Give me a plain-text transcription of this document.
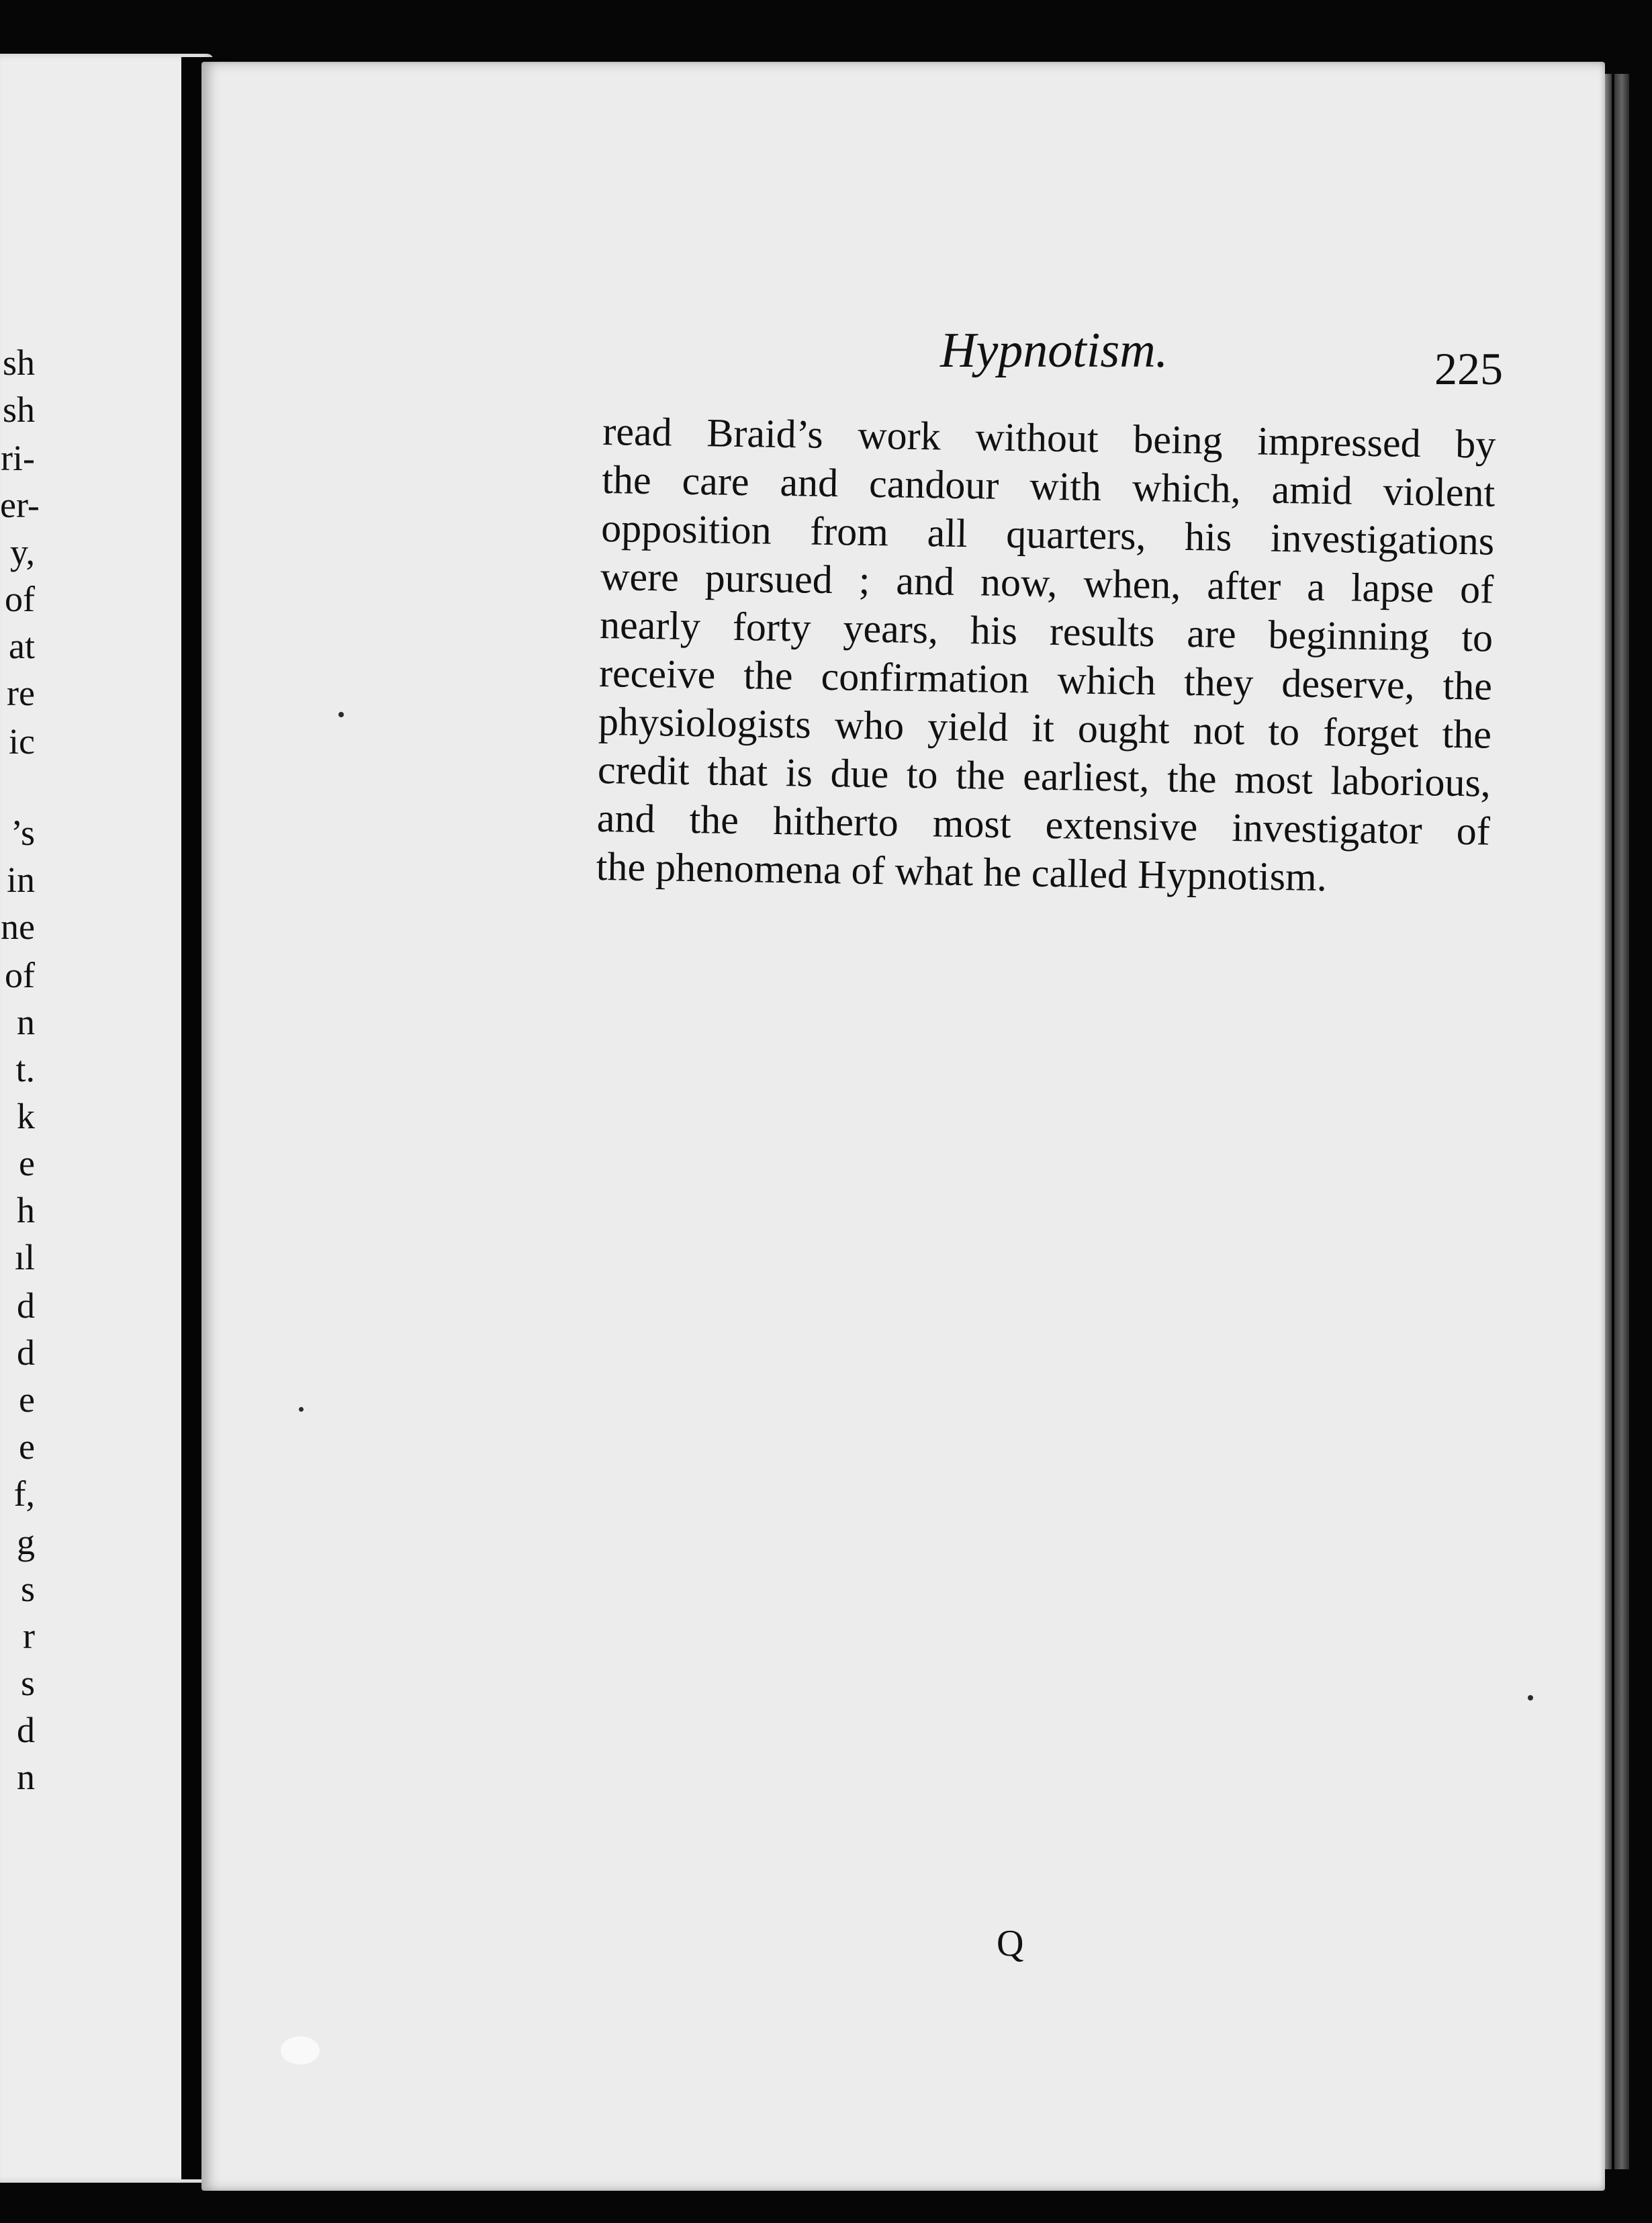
sh
sh
ri-
er-
y,
of
at
re
ic
’s
in
ne
of
n
t.
k
e
h
ıl
d
d
e
e
f,
g
s
r
s
d
n
Hypnotism.	225
read Braid’s work without being impressed by
the care and candour with which, amid violent
opposition from all quarters, his investigations
were pursued ; and now, when, after a lapse of
nearly forty years, his results are beginning to
receive the confirmation which they deserve, the
physiologists who yield it ought not to forget the
credit that is due to the earliest, the most laborious,
and the hitherto most extensive investigator of
the phenomena of what he called Hypnotism.
Q
